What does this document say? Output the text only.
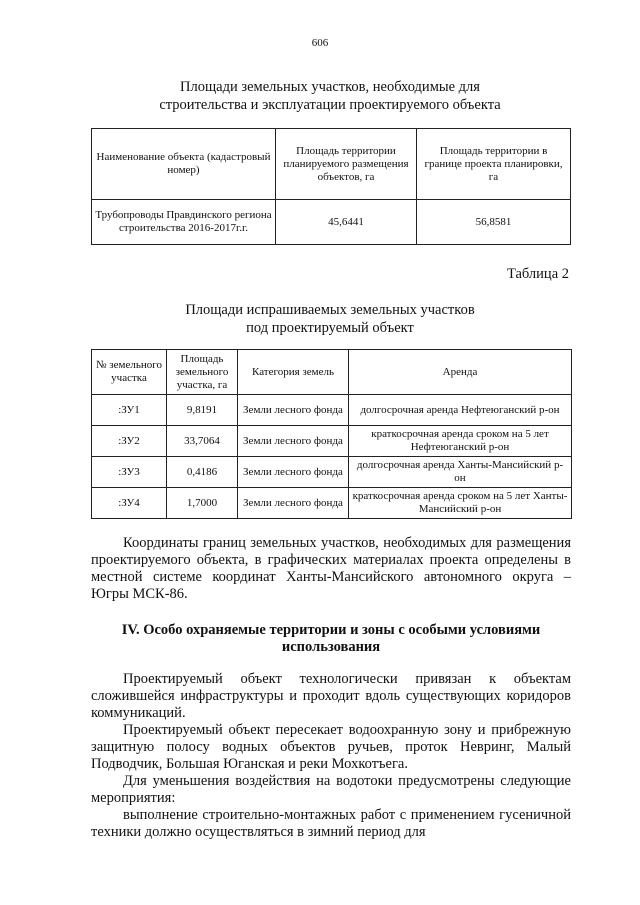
606
Площади земельных участков, необходимые для
строительства и эксплуатации проектируемого объекта
Наименование объекта (кадастровый номер)	Площадь территории планируемого размещения объектов, га	Площадь территории в границе проекта планировки, га
Трубопроводы Правдинского региона строительства 2016-2017г.г.	45,6441	56,8581
Таблица 2
Площади испрашиваемых земельных участков
под проектируемый объект
№ земельного участка	Площадь земельного участка, га	Категория земель	Аренда
:ЗУ1	9,8191	Земли лесного фонда	долгосрочная аренда Нефтеюганский р-он
:ЗУ2	33,7064	Земли лесного фонда	краткосрочная аренда сроком на 5 лет Нефтеюганский р-он
:ЗУ3	0,4186	Земли лесного фонда	долгосрочная аренда Ханты-Мансийский р-он
:ЗУ4	1,7000	Земли лесного фонда	краткосрочная аренда сроком на 5 лет Ханты-Мансийский р-он
Координаты границ земельных участков, необходимых для размещения проектируемого объекта, в графических материалах проекта определены в местной системе координат Ханты-Мансийского автономного округа – Югры МСК-86.
IV. Особо охраняемые территории и зоны с особыми условиями использования
Проектируемый объект технологически привязан к объектам сложившейся инфраструктуры и проходит вдоль существующих коридоров коммуникаций.
Проектируемый объект пересекает водоохранную зону и прибрежную защитную полосу водных объектов ручьев, проток Невринг, Малый Подводчик, Большая Юганская и реки Мохкотъега.
Для уменьшения воздействия на водотоки предусмотрены следующие мероприятия:
выполнение строительно-монтажных работ с применением гусеничной техники должно осуществляться в зимний период для
